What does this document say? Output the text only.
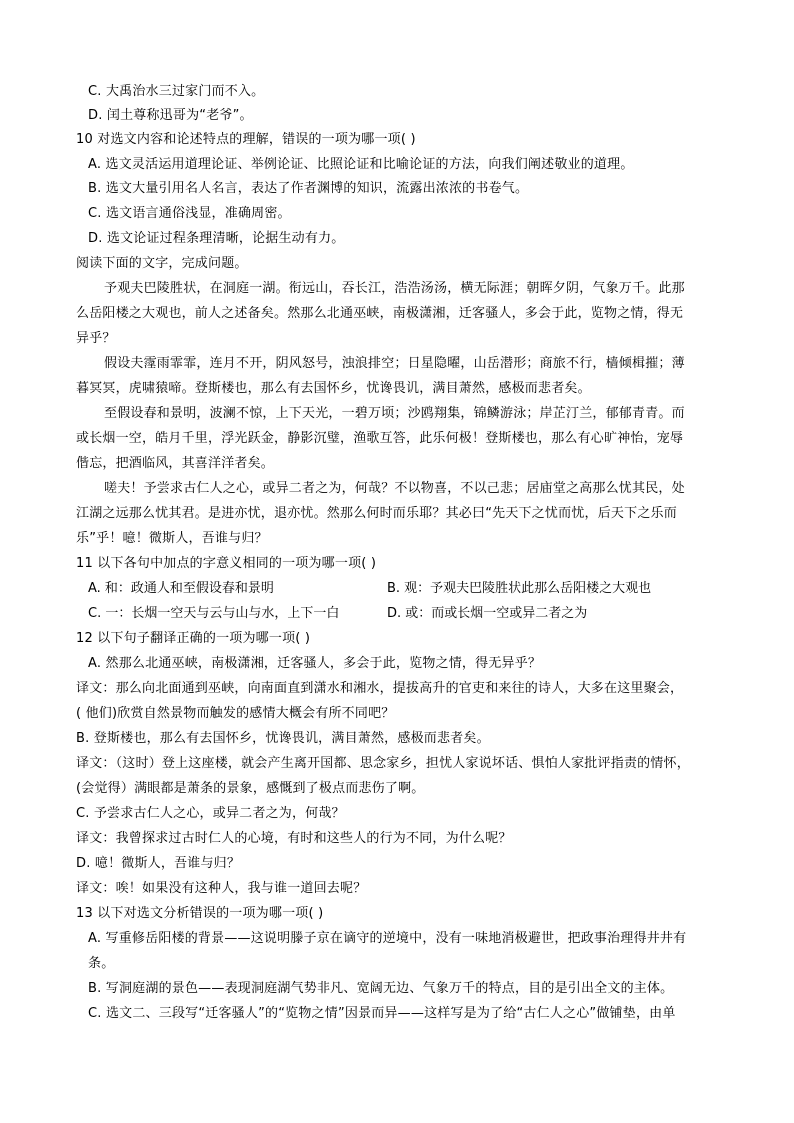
C. 大禹治水三过家门而不入。
D. 闰土尊称迅哥为“老爷”。
10 对选文内容和论述特点的理解，错误的一项为哪一项( )
A. 选文灵活运用道理论证、举例论证、比照论证和比喻论证的方法，向我们阐述敬业的道理。
B. 选文大量引用名人名言，表达了作者渊博的知识，流露出浓浓的书卷气。
C. 选文语言通俗浅显，准确周密。
D. 选文论证过程条理清晰，论据生动有力。
阅读下面的文字，完成问题。
予观夫巴陵胜状，在洞庭一湖。衔远山，吞长江，浩浩汤汤，横无际涯；朝晖夕阴，气象万千。此那
么岳阳楼之大观也，前人之述备矣。然那么北通巫峡，南极潇湘，迁客骚人，多会于此，览物之情，得无
异乎？
假设夫霪雨霏霏，连月不开，阴风怒号，浊浪排空；日星隐曜，山岳潜形；商旅不行，樯倾楫摧；薄
暮冥冥，虎啸猿啼。登斯楼也，那么有去国怀乡，忧谗畏讥，满目萧然，感极而悲者矣。
至假设春和景明，波澜不惊，上下天光，一碧万顷；沙鸥翔集，锦鳞游泳；岸芷汀兰，郁郁青青。而
或长烟一空，皓月千里，浮光跃金，静影沉璧，渔歌互答，此乐何极！登斯楼也，那么有心旷神怡，宠辱
偕忘，把酒临风，其喜洋洋者矣。
嗟夫！予尝求古仁人之心，或异二者之为，何哉？不以物喜，不以己悲；居庙堂之高那么忧其民，处
江湖之远那么忧其君。是进亦忧，退亦忧。然那么何时而乐耶？其必曰“先天下之忧而忧，后天下之乐而
乐”乎！噫！微斯人，吾谁与归？
11 以下各句中加点的字意义相同的一项为哪一项( )
A. 和：政通人和至假设春和景明	B. 观：予观夫巴陵胜状此那么岳阳楼之大观也
C. 一：长烟一空天与云与山与水，上下一白	D. 或：而或长烟一空或异二者之为
12 以下句子翻译正确的一项为哪一项( )
A. 然那么北通巫峡，南极潇湘，迁客骚人，多会于此，览物之情，得无异乎？
译文：那么向北面通到巫峡，向南面直到潇水和湘水，提拔高升的官吏和来往的诗人，大多在这里聚会，
( 他们)欣赏自然景物而触发的感情大概会有所不同吧？
B. 登斯楼也，那么有去国怀乡，忧谗畏讥，满目萧然，感极而悲者矣。
译文：（这时）登上这座楼，就会产生离开国都、思念家乡，担忧人家说坏话、惧怕人家批评指责的情怀，
(会觉得）满眼都是萧条的景象，感慨到了极点而悲伤了啊。
C. 予尝求古仁人之心，或异二者之为，何哉？
译文：我曾探求过古时仁人的心境，有时和这些人的行为不同，为什么呢？
D. 噫！微斯人，吾谁与归？
译文：唉！如果没有这种人，我与谁一道回去呢？
13 以下对选文分析错误的一项为哪一项( )
A. 写重修岳阳楼的背景——这说明滕子京在谪守的逆境中，没有一味地消极避世，把政事治理得井井有
条。
B. 写洞庭湖的景色——表现洞庭湖气势非凡、宽阔无边、气象万千的特点，目的是引出全文的主体。
C. 选文二、三段写“迁客骚人”的“览物之情”因景而异——这样写是为了给“古仁人之心”做铺垫，由单
